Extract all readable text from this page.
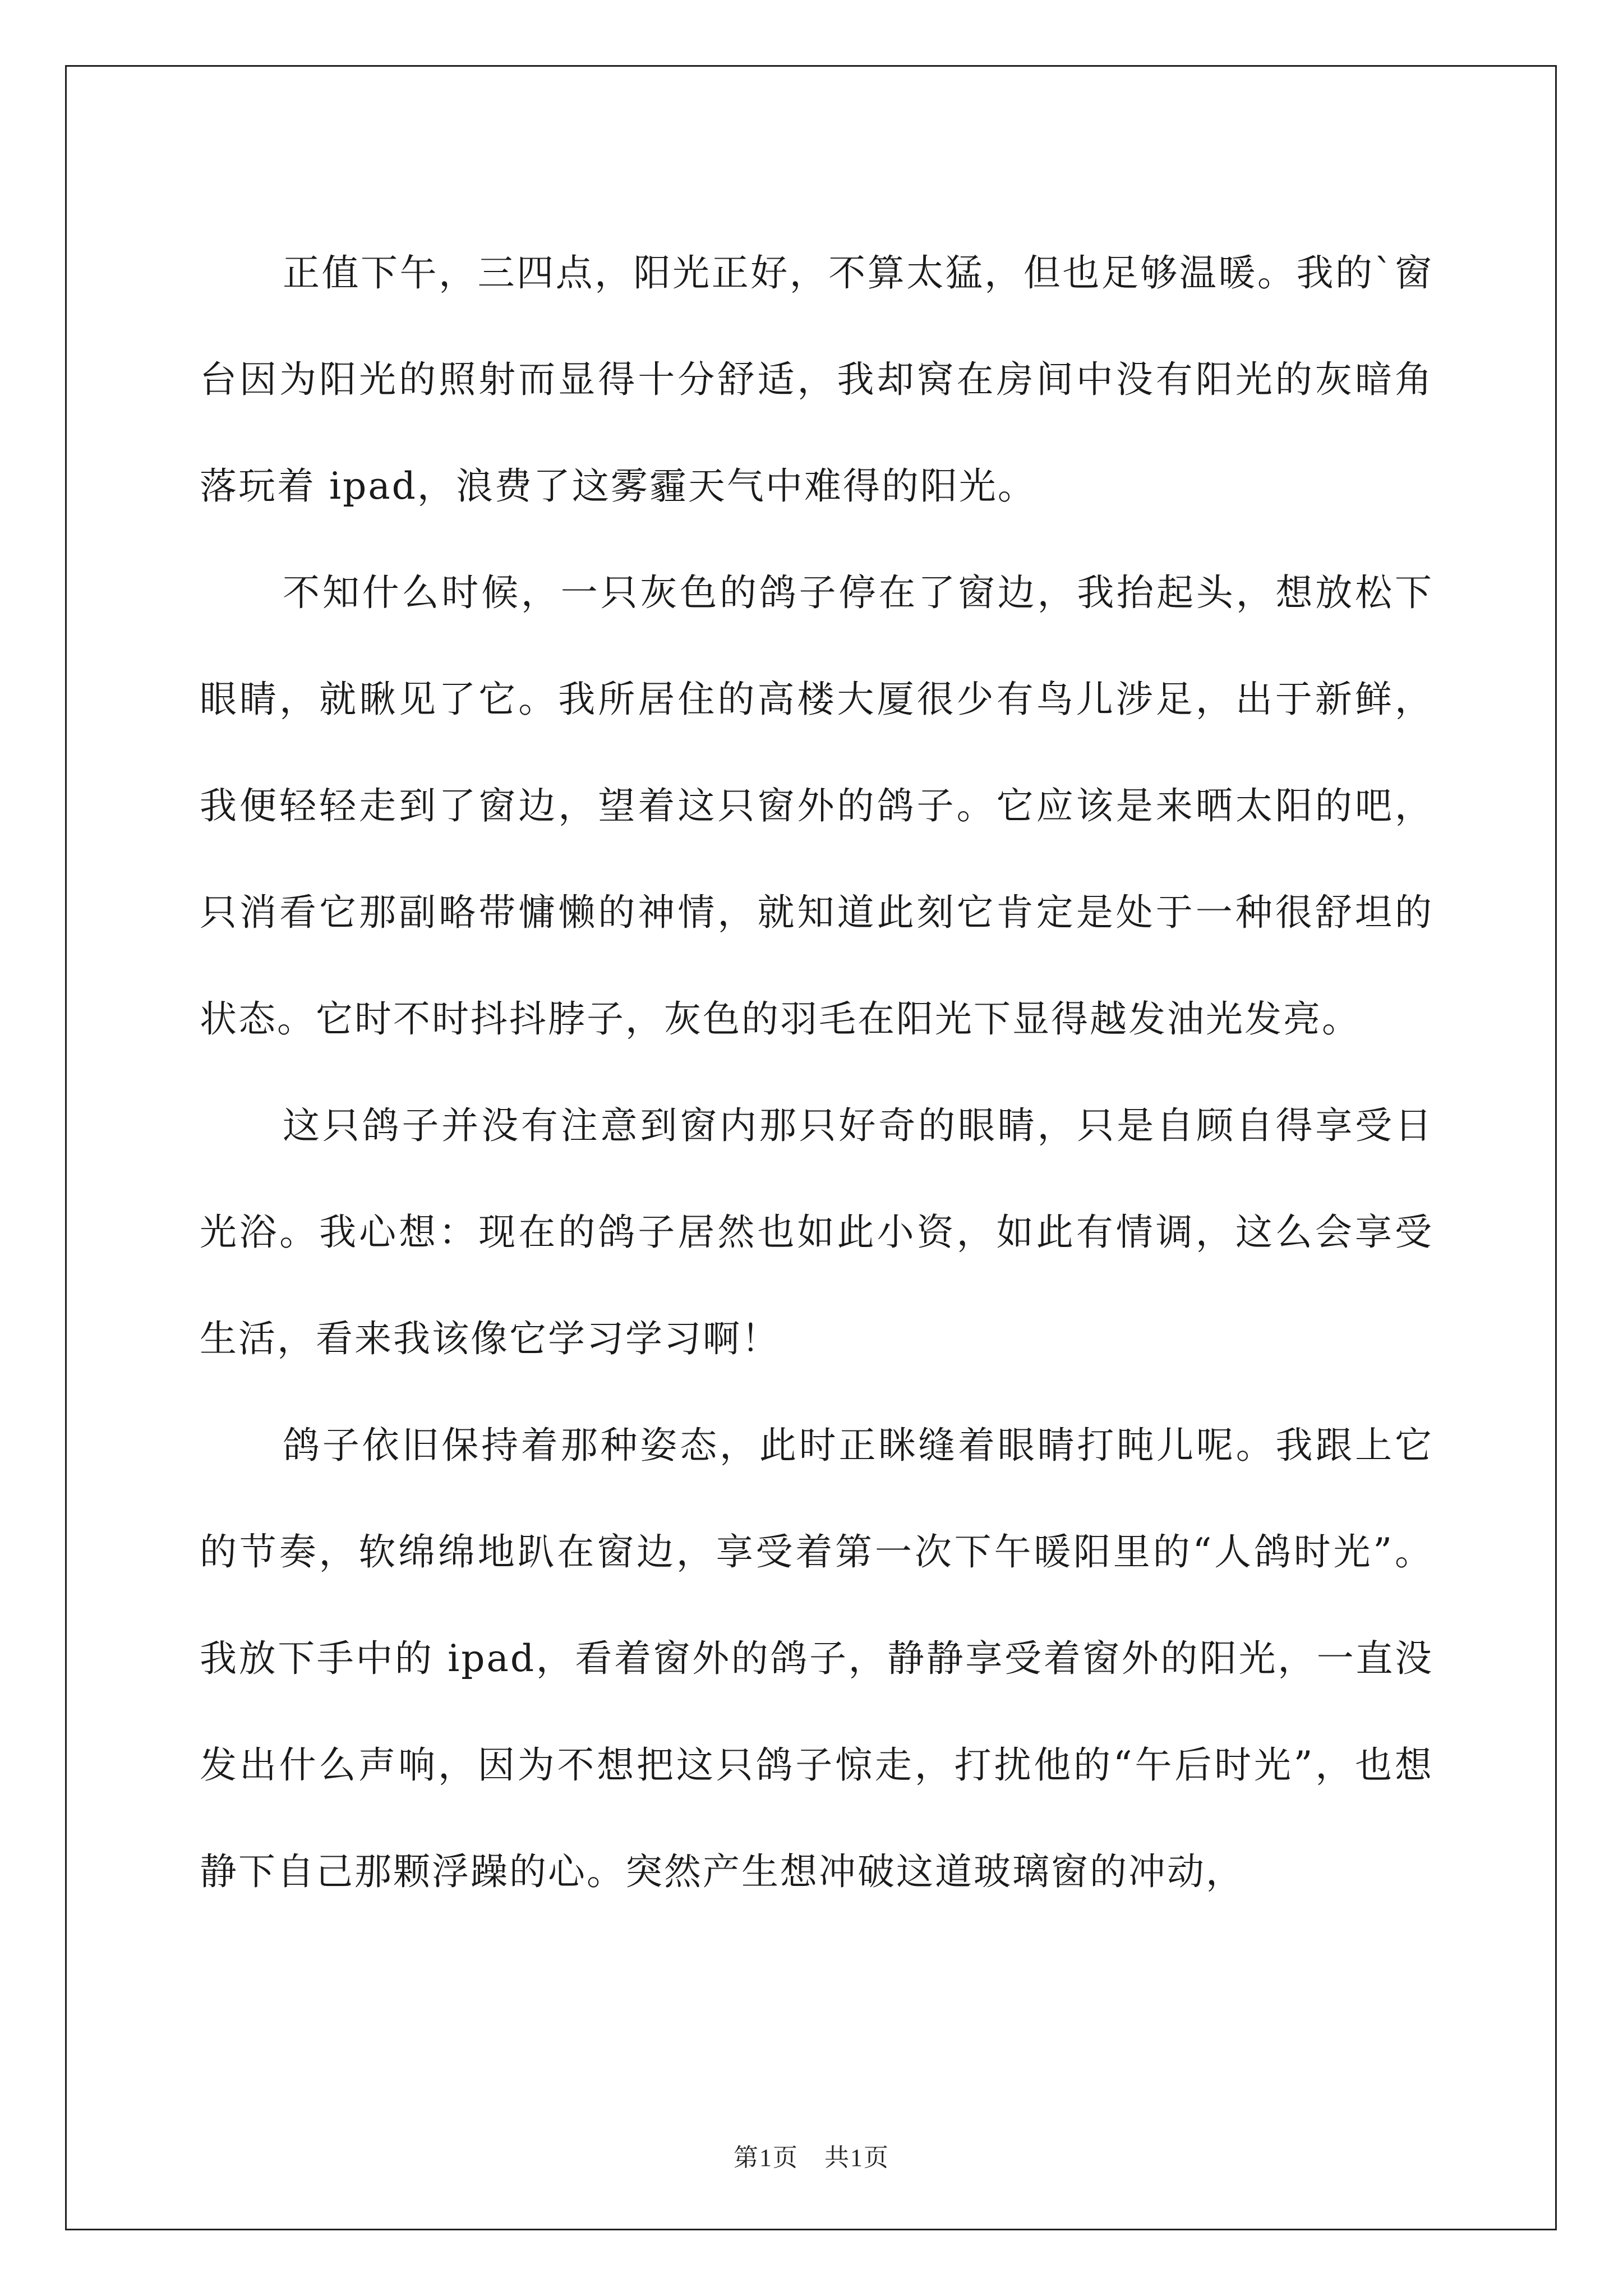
正值下午，三四点，阳光正好，不算太猛，但也足够温暖。我的`窗台因为阳光的照射而显得十分舒适，我却窝在房间中没有阳光的灰暗角落玩着 ipad，浪费了这雾霾天气中难得的阳光。

不知什么时候，一只灰色的鸽子停在了窗边，我抬起头，想放松下眼睛，就瞅见了它。我所居住的高楼大厦很少有鸟儿涉足，出于新鲜，我便轻轻走到了窗边，望着这只窗外的鸽子。它应该是来晒太阳的吧，只消看它那副略带慵懒的神情，就知道此刻它肯定是处于一种很舒坦的状态。它时不时抖抖脖子，灰色的羽毛在阳光下显得越发油光发亮。

这只鸽子并没有注意到窗内那只好奇的眼睛，只是自顾自得享受日光浴。我心想：现在的鸽子居然也如此小资，如此有情调，这么会享受生活，看来我该像它学习学习啊！

鸽子依旧保持着那种姿态，此时正眯缝着眼睛打盹儿呢。我跟上它的节奏，软绵绵地趴在窗边，享受着第一次下午暖阳里的“人鸽时光”。我放下手中的 ipad，看着窗外的鸽子，静静享受着窗外的阳光，一直没发出什么声响，因为不想把这只鸽子惊走，打扰他的“午后时光”，也想静下自己那颗浮躁的心。突然产生想冲破这道玻璃窗的冲动，

第1页　共1页
